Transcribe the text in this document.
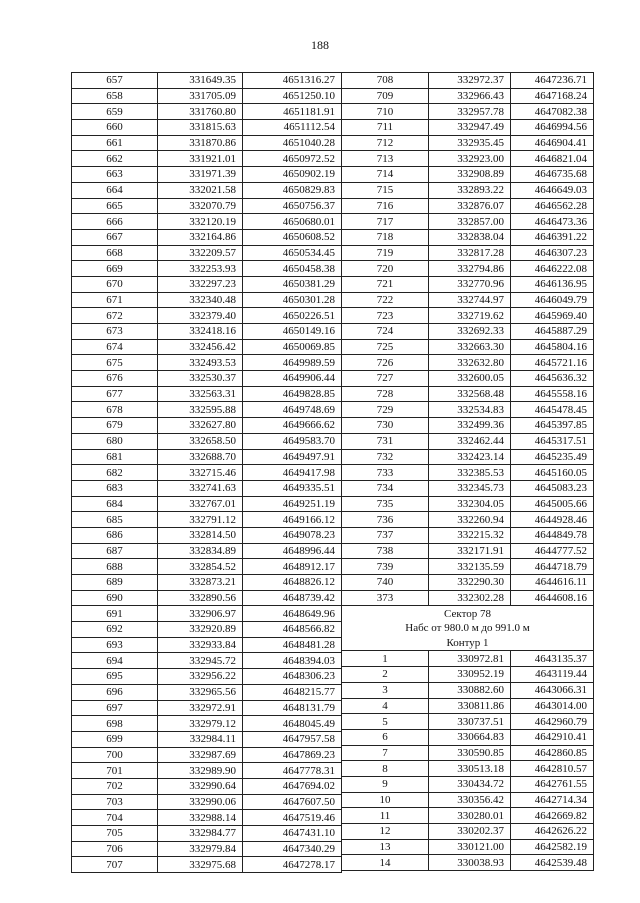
188
657	331649.35	4651316.27
658	331705.09	4651250.10
659	331760.80	4651181.91
660	331815.63	4651112.54
661	331870.86	4651040.28
662	331921.01	4650972.52
663	331971.39	4650902.19
664	332021.58	4650829.83
665	332070.79	4650756.37
666	332120.19	4650680.01
667	332164.86	4650608.52
668	332209.57	4650534.45
669	332253.93	4650458.38
670	332297.23	4650381.29
671	332340.48	4650301.28
672	332379.40	4650226.51
673	332418.16	4650149.16
674	332456.42	4650069.85
675	332493.53	4649989.59
676	332530.37	4649906.44
677	332563.31	4649828.85
678	332595.88	4649748.69
679	332627.80	4649666.62
680	332658.50	4649583.70
681	332688.70	4649497.91
682	332715.46	4649417.98
683	332741.63	4649335.51
684	332767.01	4649251.19
685	332791.12	4649166.12
686	332814.50	4649078.23
687	332834.89	4648996.44
688	332854.52	4648912.17
689	332873.21	4648826.12
690	332890.56	4648739.42
691	332906.97	4648649.96
692	332920.89	4648566.82
693	332933.84	4648481.28
694	332945.72	4648394.03
695	332956.22	4648306.23
696	332965.56	4648215.77
697	332972.91	4648131.79
698	332979.12	4648045.49
699	332984.11	4647957.58
700	332987.69	4647869.23
701	332989.90	4647778.31
702	332990.64	4647694.02
703	332990.06	4647607.50
704	332988.14	4647519.46
705	332984.77	4647431.10
706	332979.84	4647340.29
707	332975.68	4647278.17
708	332972.37	4647236.71
709	332966.43	4647168.24
710	332957.78	4647082.38
711	332947.49	4646994.56
712	332935.45	4646904.41
713	332923.00	4646821.04
714	332908.89	4646735.68
715	332893.22	4646649.03
716	332876.07	4646562.28
717	332857.00	4646473.36
718	332838.04	4646391.22
719	332817.28	4646307.23
720	332794.86	4646222.08
721	332770.96	4646136.95
722	332744.97	4646049.79
723	332719.62	4645969.40
724	332692.33	4645887.29
725	332663.30	4645804.16
726	332632.80	4645721.16
727	332600.05	4645636.32
728	332568.48	4645558.16
729	332534.83	4645478.45
730	332499.36	4645397.85
731	332462.44	4645317.51
732	332423.14	4645235.49
733	332385.53	4645160.05
734	332345.73	4645083.23
735	332304.05	4645005.66
736	332260.94	4644928.46
737	332215.32	4644849.78
738	332171.91	4644777.52
739	332135.59	4644718.79
740	332290.30	4644616.11
373	332302.28	4644608.16
Сектор 78		
Набс от 980.0 м до 991.0 м		
Контур 1		
1	330972.81	4643135.37
2	330952.19	4643119.44
3	330882.60	4643066.31
4	330811.86	4643014.00
5	330737.51	4642960.79
6	330664.83	4642910.41
7	330590.85	4642860.85
8	330513.18	4642810.57
9	330434.72	4642761.55
10	330356.42	4642714.34
11	330280.01	4642669.82
12	330202.37	4642626.22
13	330121.00	4642582.19
14	330038.93	4642539.48
